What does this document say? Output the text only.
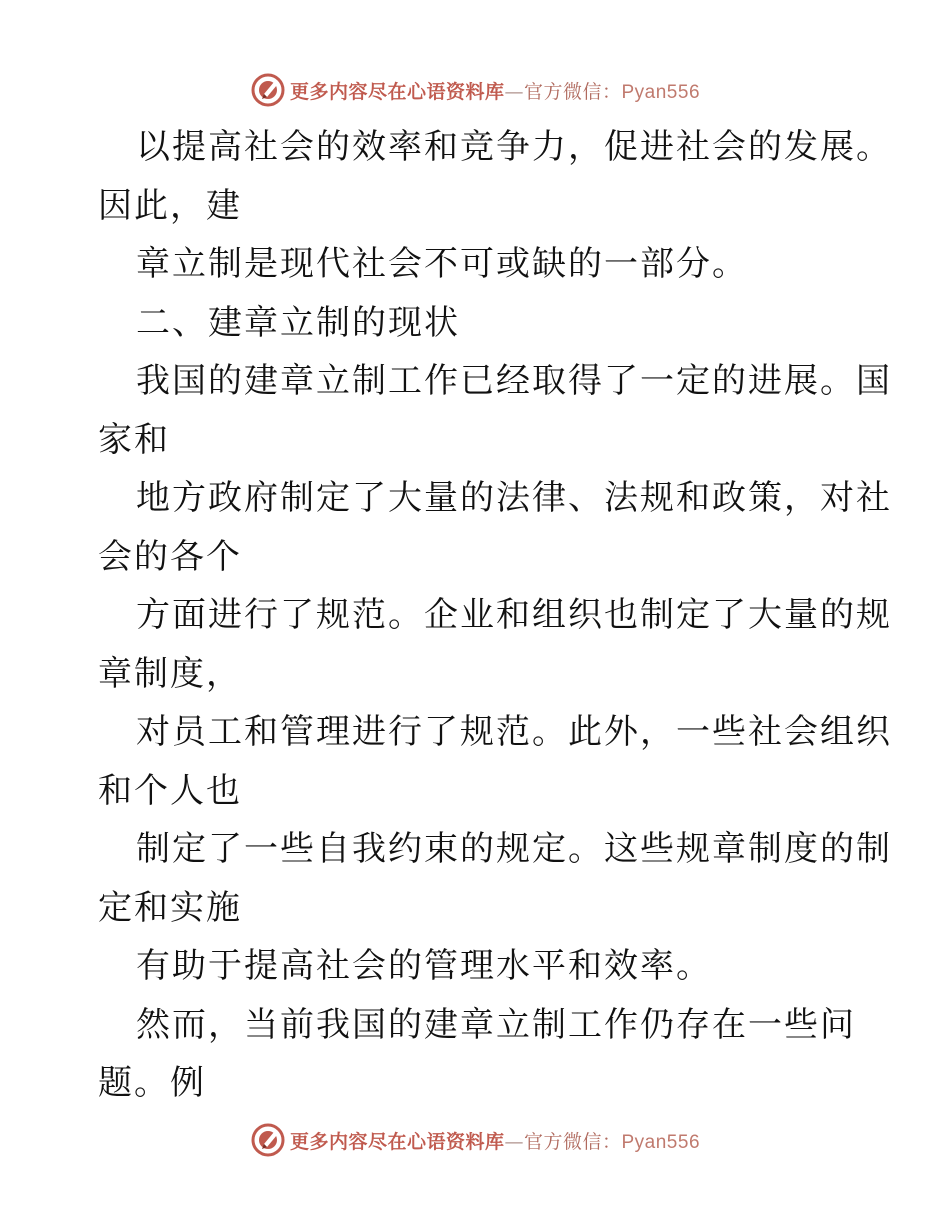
更多内容尽在心语资料库—官方微信：Pyan556
以提高社会的效率和竞争力，促进社会的发展。
因此，建
章立制是现代社会不可或缺的一部分。
二、建章立制的现状
我国的建章立制工作已经取得了一定的进展。国
家和
地方政府制定了大量的法律、法规和政策，对社
会的各个
方面进行了规范。企业和组织也制定了大量的规
章制度，
对员工和管理进行了规范。此外，一些社会组织
和个人也
制定了一些自我约束的规定。这些规章制度的制
定和实施
有助于提高社会的管理水平和效率。
然而，当前我国的建章立制工作仍存在一些问
题。例
更多内容尽在心语资料库—官方微信：Pyan556
